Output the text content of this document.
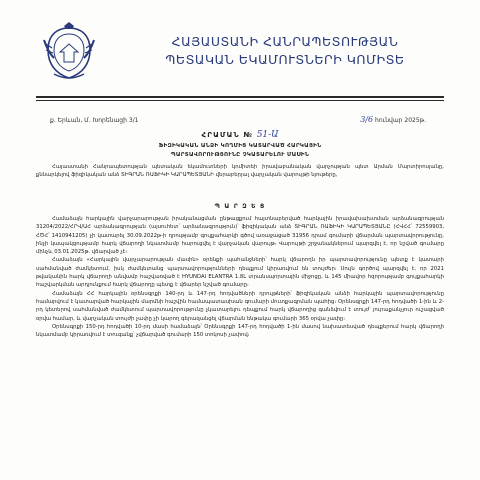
ՀԱՅԱՍՏԱՆԻ ՀԱՆՐԱՊԵՏՈՒԹՅԱՆ
ՊԵՏԱԿԱՆ ԵԿԱՄՈՒՏՆԵՐԻ ԿՈՄԻՏԵ
ք. Երևան, Մ. Խորենացի 3/1	3/6 հունվար 2025թ.
ՀՐԱՄԱՆ № 51-Ա
ՖԻԶԻԿԱԿԱՆ ԱՆՁԻ ԿՈՂՄԻՑ ԿԱՏԱՐՎԱԾ ՀԱՐԿԱՅԻՆ
ՊԱՐՏԱՎՈՐՈՒԹՅՈՒՆԸ ՉԿԱՏԱՐԵԼՈՒ ՄԱՍԻՆ

Հայաստանի Հանրապետության պետական եկամուտների կոմիտեի իրավաբանական վարչության պետ Արման Մարտիրոսյանը, քննարկելով ֆիզիկական անձ ՏԻԳՐԱՆ ՌԱՖԻԿԻ ԿԱՐԱՊԵՏՅԱՆԻ վերաբերյալ վարչական վարույթի նյութերը,

Պ Ա Ր Զ Ե Ց

Համաձայն հարկային վարչարարության իրականացման ընթացքում հայտնաբերված հարկային իրավախախտման արձանագրության 31204/2022/ՀՐՎ/ԱՀ արձանագրության (այսուհետ՝ արձանագրություն)՝ ֆիզիկական անձ ՏԻԳՐԱՆ ՌԱՖԻԿԻ ԿԱՐԱՊԵՏՅԱՆԸ (ՀՎՀՀ՝ 72559903, ՀԾՀ՝ 1410941205) չի կատարել 30.09.2022թ-ի դրությամբ գույքահարկի գծով առաջացած 31956 դրամ գումարի վճարման պարտավորությունը, ինչի կապակցությամբ հարկ վճարողի նկատմամբ հարուցվել է վարչական վարույթ։ Վարույթի շրջանակներում պարզվել է, որ նշված գումարը մինչև 03.01.2025թ. վճարված չէ։

Համաձայն «Հարկային վարչարարության մասին» օրենքի պահանջների՝ հարկ վճարողն իր պարտավորությունը պետք է կատարի սահմանված ժամկետում, իսկ ժամկետանց պարտավորությունների դեպքում կիրառվում են տույժեր։ Սույն գործով պարզվել է, որ 2021 թվականին հարկ վճարողի անվամբ հաշվառված է HYUNDAI ELANTRA 1.8L տրանսպորտային միջոցը, և 145 միավոր հզորությամբ գույքահարկի հաշվարկման արդյունքում հարկ վճարողը պետք է վճարեր նշված գումարը։

Համաձայն ՀՀ հարկային օրենսգրքի 140-րդ և 147-րդ հոդվածների դրույթների՝ ֆիզիկական անձի հարկային պարտավորությունը համարվում է կատարված հարկային մարմնի հաշվին համապատասխան գումարի մուտքագրման պահից։ Օրենսգրքի 147-րդ հոդվածի 1-ին և 2-րդ կետերով սահմանված ժամկետում պարտավորությունը չկատարելու դեպքում հարկ վճարողից գանձվում է տույժ՝ յուրաքանչյուր ուշացված օրվա համար, և վարչական տույժի չափը չի կարող գերազանցել վճարման ենթակա գումարի 365 օրվա չափը։

Օրենսգրքի 150-րդ հոդվածի 10-րդ մասի համաձայն՝ Օրենսգրքի 147-րդ հոդվածի 1-ին մասով նախատեսված դեպքերում հարկ վճարողի նկատմամբ կիրառվում է տուգանք՝ չվճարված գումարի 150 տոկոսի չափով։
